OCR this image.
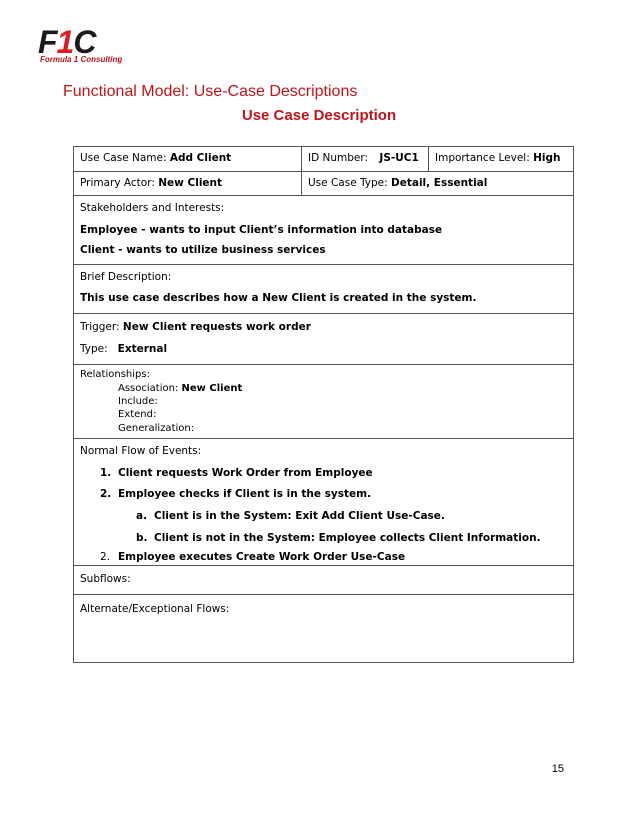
F1C
Formula 1 Consulting
Functional Model: Use-Case Descriptions
Use Case Description
Use Case Name: Add Client	ID Number: JS-UC1	Importance Level: High
Primary Actor: New Client	Use Case Type: Detail, Essential
Stakeholders and Interests:
Employee - wants to input Client’s information into database
Client - wants to utilize business services
Brief Description:
This use case describes how a New Client is created in the system.
Trigger: New Client requests work order
Type: External
Relationships:
Association: New Client
Include:
Extend:
Generalization:
Normal Flow of Events:
1. Client requests Work Order from Employee
2. Employee checks if Client is in the system.
a. Client is in the System: Exit Add Client Use-Case.
b. Client is not in the System: Employee collects Client Information.
2. Employee executes Create Work Order Use-Case
Subflows:
Alternate/Exceptional Flows:
15
